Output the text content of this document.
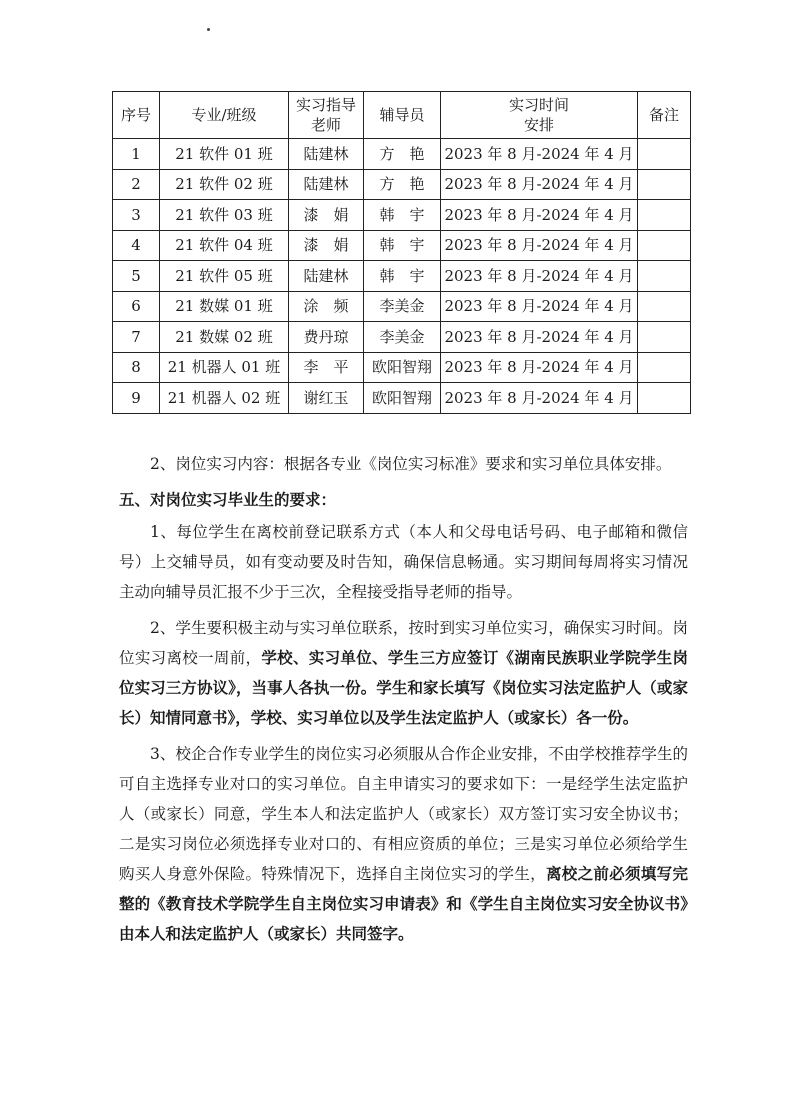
序号	专业/班级	实习指导老师	辅导员	实习时间安排	备注
1	21 软件 01 班	陆建林	方　艳	2023 年 8 月-2024 年 4 月	
2	21 软件 02 班	陆建林	方　艳	2023 年 8 月-2024 年 4 月	
3	21 软件 03 班	漆　娟	韩　宇	2023 年 8 月-2024 年 4 月	
4	21 软件 04 班	漆　娟	韩　宇	2023 年 8 月-2024 年 4 月	
5	21 软件 05 班	陆建林	韩　宇	2023 年 8 月-2024 年 4 月	
6	21 数媒 01 班	涂　频	李美金	2023 年 8 月-2024 年 4 月	
7	21 数媒 02 班	费丹琼	李美金	2023 年 8 月-2024 年 4 月	
8	21 机器人 01 班	李　平	欧阳智翔	2023 年 8 月-2024 年 4 月	
9	21 机器人 02 班	谢红玉	欧阳智翔	2023 年 8 月-2024 年 4 月	

2、岗位实习内容：根据各专业《岗位实习标准》要求和实习单位具体安排。

五、对岗位实习毕业生的要求：

1、每位学生在离校前登记联系方式（本人和父母电话号码、电子邮箱和微信号）上交辅导员，如有变动要及时告知，确保信息畅通。实习期间每周将实习情况主动向辅导员汇报不少于三次，全程接受指导老师的指导。

2、学生要积极主动与实习单位联系，按时到实习单位实习，确保实习时间。岗位实习离校一周前，学校、实习单位、学生三方应签订《湖南民族职业学院学生岗位实习三方协议》，当事人各执一份。学生和家长填写《岗位实习法定监护人（或家长）知情同意书》，学校、实习单位以及学生法定监护人（或家长）各一份。

3、校企合作专业学生的岗位实习必须服从合作企业安排，不由学校推荐学生的可自主选择专业对口的实习单位。自主申请实习的要求如下：一是经学生法定监护人（或家长）同意，学生本人和法定监护人（或家长）双方签订实习安全协议书；二是实习岗位必须选择专业对口的、有相应资质的单位；三是实习单位必须给学生购买人身意外保险。特殊情况下，选择自主岗位实习的学生，离校之前必须填写完整的《教育技术学院学生自主岗位实习申请表》和《学生自主岗位实习安全协议书》由本人和法定监护人（或家长）共同签字。
